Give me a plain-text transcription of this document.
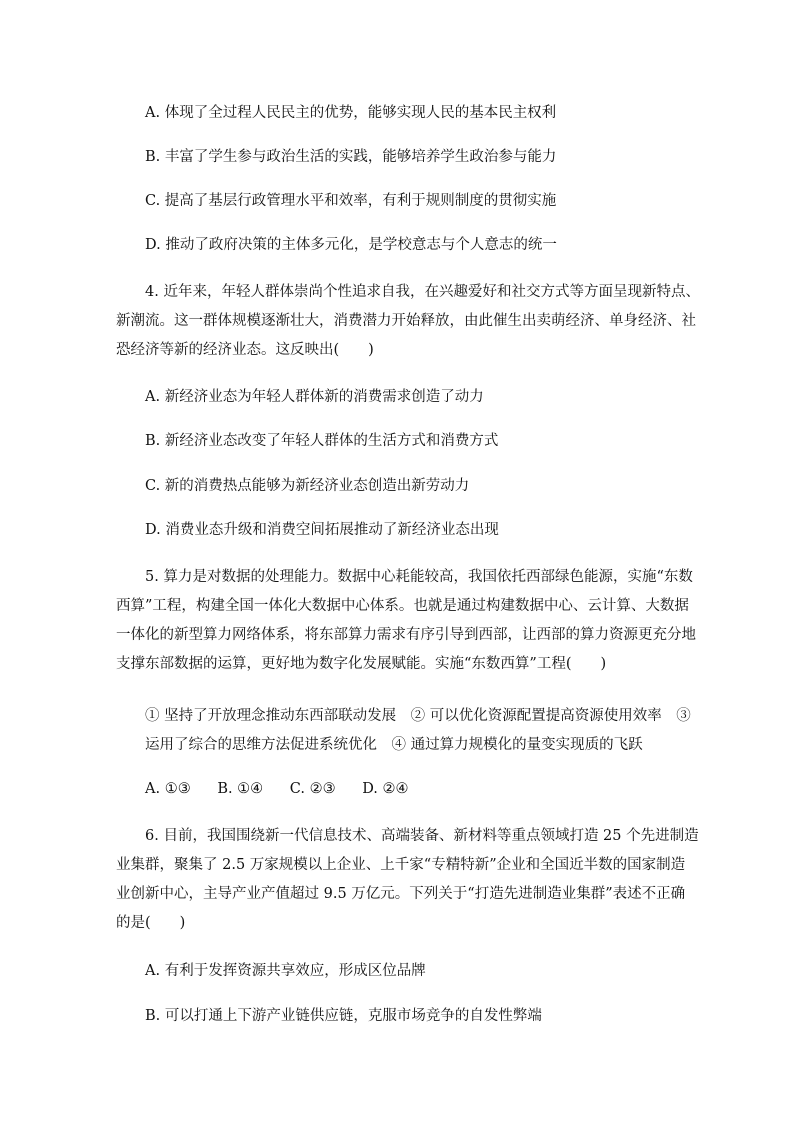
A. 体现了全过程人民民主的优势，能够实现人民的基本民主权利
B. 丰富了学生参与政治生活的实践，能够培养学生政治参与能力
C. 提高了基层行政管理水平和效率，有利于规则制度的贯彻实施
D. 推动了政府决策的主体多元化，是学校意志与个人意志的统一
4. 近年来，年轻人群体崇尚个性追求自我，在兴趣爱好和社交方式等方面呈现新特点、
新潮流。这一群体规模逐渐壮大，消费潜力开始释放，由此催生出卖萌经济、单身经济、社
恐经济等新的经济业态。这反映出(　　)
A. 新经济业态为年轻人群体新的消费需求创造了动力
B. 新经济业态改变了年轻人群体的生活方式和消费方式
C. 新的消费热点能够为新经济业态创造出新劳动力
D. 消费业态升级和消费空间拓展推动了新经济业态出现
5. 算力是对数据的处理能力。数据中心耗能较高，我国依托西部绿色能源，实施“东数
西算”工程，构建全国一体化大数据中心体系。也就是通过构建数据中心、云计算、大数据
一体化的新型算力网络体系，将东部算力需求有序引导到西部，让西部的算力资源更充分地
支撑东部数据的运算，更好地为数字化发展赋能。实施“东数西算”工程(　　)
① 坚持了开放理念推动东西部联动发展　② 可以优化资源配置提高资源使用效率　③
运用了综合的思维方法促进系统优化　④ 通过算力规模化的量变实现质的飞跃
A. ①③ B. ①④ C. ②③ D. ②④
6. 目前，我国围绕新一代信息技术、高端装备、新材料等重点领域打造 25 个先进制造
业集群，聚集了 2.5 万家规模以上企业、上千家“专精特新”企业和全国近半数的国家制造
业创新中心，主导产业产值超过 9.5 万亿元。下列关于“打造先进制造业集群”表述不正确
的是(　　)
A. 有利于发挥资源共享效应，形成区位品牌
B. 可以打通上下游产业链供应链，克服市场竞争的自发性弊端
